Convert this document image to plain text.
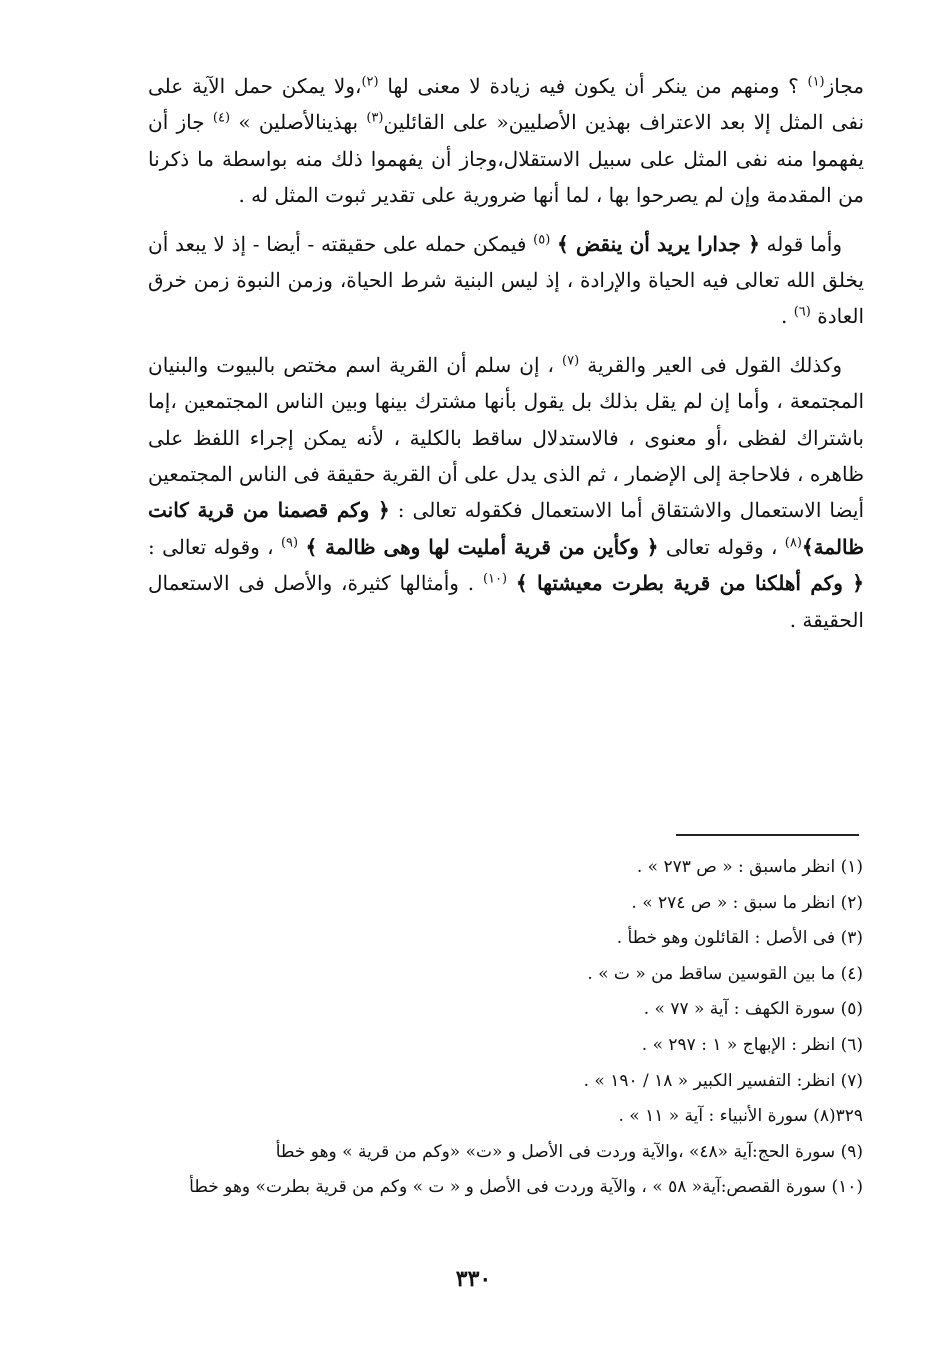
مجاز$^{(١)}$ ؟ ومنهم من ينكر أن يكون فيه زيادة لا معنى لها $^{(٢)}$،ولا يمكن حمل الآية على نفى المثل إلا بعد الاعتراف بهذين الأصليين« على القائلين$^{(٣)}$ بهذينالأصلين » $^{(٤)}$ جاز أن يفهموا منه نفى المثل على سبيل الاستقلال،وجاز أن يفهموا ذلك منه بواسطة ما ذكرنا من المقدمة وإن لم يصرحوا بها ، لما أنها ضرورية على تقدير ثبوت المثل له .

وأما قوله ﴿ جدارا يريد أن ينقض ﴾ $^{(٥)}$ فيمكن حمله على حقيقته - أيضا - إذ لا يبعد أن يخلق الله تعالى فيه الحياة والإرادة ، إذ ليس البنية شرط الحياة، وزمن النبوة زمن خرق العادة $^{(٦)}$ .

وكذلك القول فى العير والقرية $^{(٧)}$ ، إن سلم أن القرية اسم مختص بالبيوت والبنيان المجتمعة ، وأما إن لم يقل بذلك بل يقول بأنها مشترك بينها وبين الناس المجتمعين ،إما باشتراك لفظى ،أو معنوى ، فالاستدلال ساقط بالكلية ، لأنه يمكن إجراء اللفظ على ظاهره ، فلاحاجة إلى الإضمار ، ثم الذى يدل على أن القرية حقيقة فى الناس المجتمعين أيضا الاستعمال والاشتقاق أما الاستعمال فكقوله تعالى : ﴿ وكم قصمنا من قرية كانت ظالمة﴾$^{(٨)}$ ، وقوله تعالى ﴿ وكأين من قرية أمليت لها وهى ظالمة ﴾ $^{(٩)}$ ، وقوله تعالى : ﴿ وكم أهلكنا من قرية بطرت معيشتها ﴾ $^{(١٠)}$ . وأمثالها كثيرة، والأصل فى الاستعمال الحقيقة .

(١) انظر ماسبق : « ص ٢٧٣ » .

(٢) انظر ما سبق : « ص ٢٧٤ » .

(٣) فى الأصل : القائلون وهو خطأ .

(٤) ما بين القوسين ساقط من « ت » .

(٥) سورة الكهف : آية « ٧٧ » .

(٦) انظر : الإبهاج « ١ : ٢٩٧ » .

(٧) انظر: التفسير الكبير « ١٨ / ١٩٠ » .

٣٢٩(٨) سورة الأنبياء : آية « ١١ » .

(٩) سورة الحج:آية «٤٨» ،والآية وردت فى الأصل و «ت» «وكم من قرية » وهو خطأ

(١٠) سورة القصص:آية« ٥٨ » ، والآية وردت فى الأصل و « ت » وكم من قرية بطرت» وهو خطأ

٣٣٠
